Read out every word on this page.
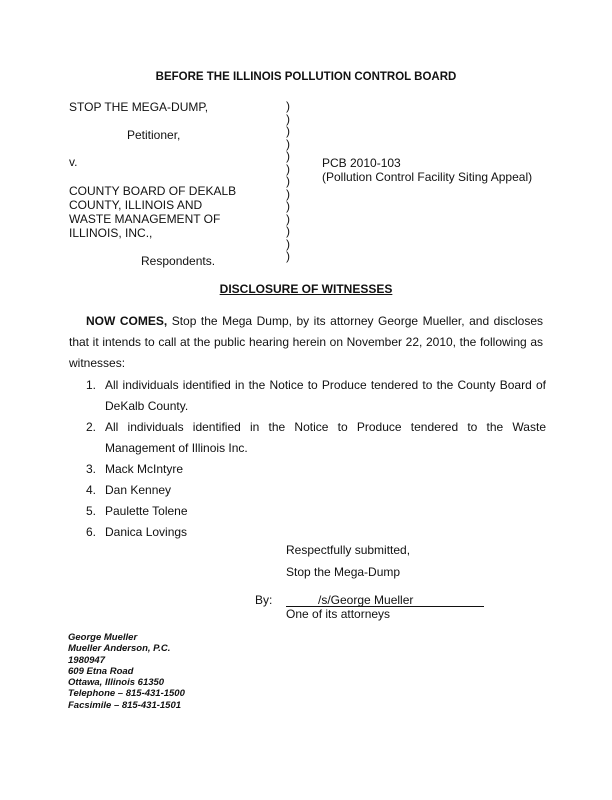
BEFORE THE ILLINOIS POLLUTION CONTROL BOARD
STOP THE MEGA-DUMP,
Petitioner,
v.
COUNTY BOARD OF DEKALB
COUNTY, ILLINOIS AND
WASTE MANAGEMENT OF
ILLINOIS, INC.,
Respondents.
)
)
)
)
)
)
)
)
)
)
)
)
)
PCB 2010-103
(Pollution Control Facility Siting Appeal)
DISCLOSURE OF WITNESSES
NOW COMES, Stop the Mega Dump, by its attorney George Mueller, and discloses that it intends to call at the public hearing herein on November 22, 2010, the following as witnesses:
1. All individuals identified in the Notice to Produce tendered to the County Board of DeKalb County.
2. All individuals identified in the Notice to Produce tendered to the Waste Management of Illinois Inc.
3. Mack McIntyre
4. Dan Kenney
5. Paulette Tolene
6. Danica Lovings
Respectfully submitted,
Stop the Mega-Dump
By:	/s/George Mueller
One of its attorneys
George Mueller
Mueller Anderson, P.C.
1980947
609 Etna Road
Ottawa, Illinois 61350
Telephone – 815-431-1500
Facsimile – 815-431-1501
